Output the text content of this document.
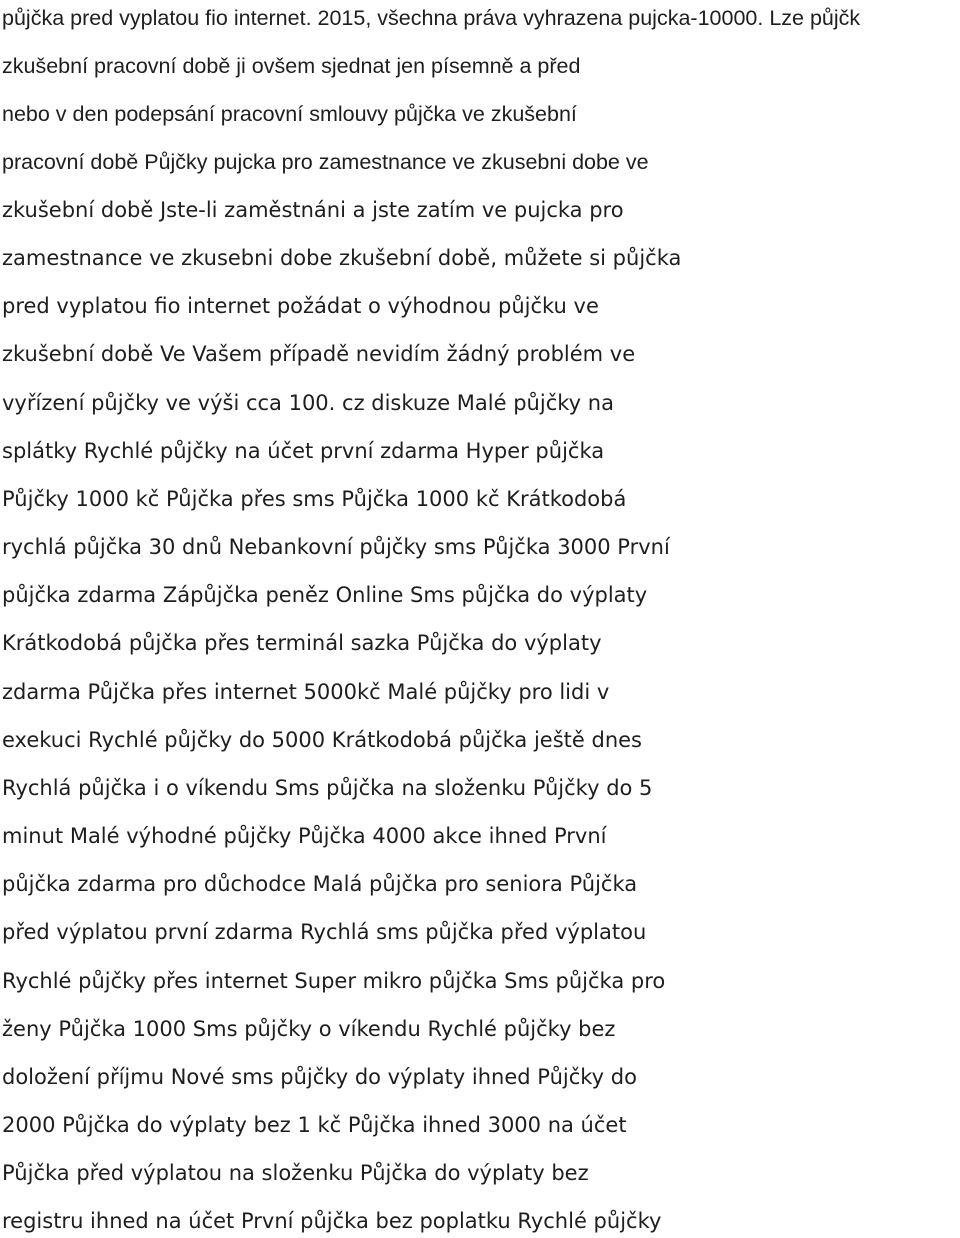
půjčka pred vyplatou fio internet. 2015, všechna práva vyhrazena pujcka-10000. Lze půjčk
zkušební pracovní době ji ovšem sjednat jen písemně a před
nebo v den podepsání pracovní smlouvy půjčka ve zkušební
pracovní době Půjčky pujcka pro zamestnance ve zkusebni dobe ve
zkušební době Jste-li zaměstnáni a jste zatím ve pujcka pro
zamestnance ve zkusebni dobe zkušební době, můžete si půjčka
pred vyplatou fio internet požádat o výhodnou půjčku ve
zkušební době Ve Vašem případě nevidím žádný problém ve
vyřízení půjčky ve výši cca 100. cz diskuze Malé půjčky na
splátky Rychlé půjčky na účet první zdarma Hyper půjčka
Půjčky 1000 kč Půjčka přes sms Půjčka 1000 kč Krátkodobá
rychlá půjčka 30 dnů Nebankovní půjčky sms Půjčka 3000 První
půjčka zdarma Zápůjčka peněz Online Sms půjčka do výplaty
Krátkodobá půjčka přes terminál sazka Půjčka do výplaty
zdarma Půjčka přes internet 5000kč Malé půjčky pro lidi v
exekuci Rychlé půjčky do 5000 Krátkodobá půjčka ještě dnes
Rychlá půjčka i o víkendu Sms půjčka na složenku Půjčky do 5
minut Malé výhodné půjčky Půjčka 4000 akce ihned První
půjčka zdarma pro důchodce Malá půjčka pro seniora Půjčka
před výplatou první zdarma Rychlá sms půjčka před výplatou
Rychlé půjčky přes internet Super mikro půjčka Sms půjčka pro
ženy Půjčka 1000 Sms půjčky o víkendu Rychlé půjčky bez
doložení příjmu Nové sms půjčky do výplaty ihned Půjčky do
2000 Půjčka do výplaty bez 1 kč Půjčka ihned 3000 na účet
Půjčka před výplatou na složenku Půjčka do výplaty bez
registru ihned na účet První půjčka bez poplatku Rychlé půjčky
